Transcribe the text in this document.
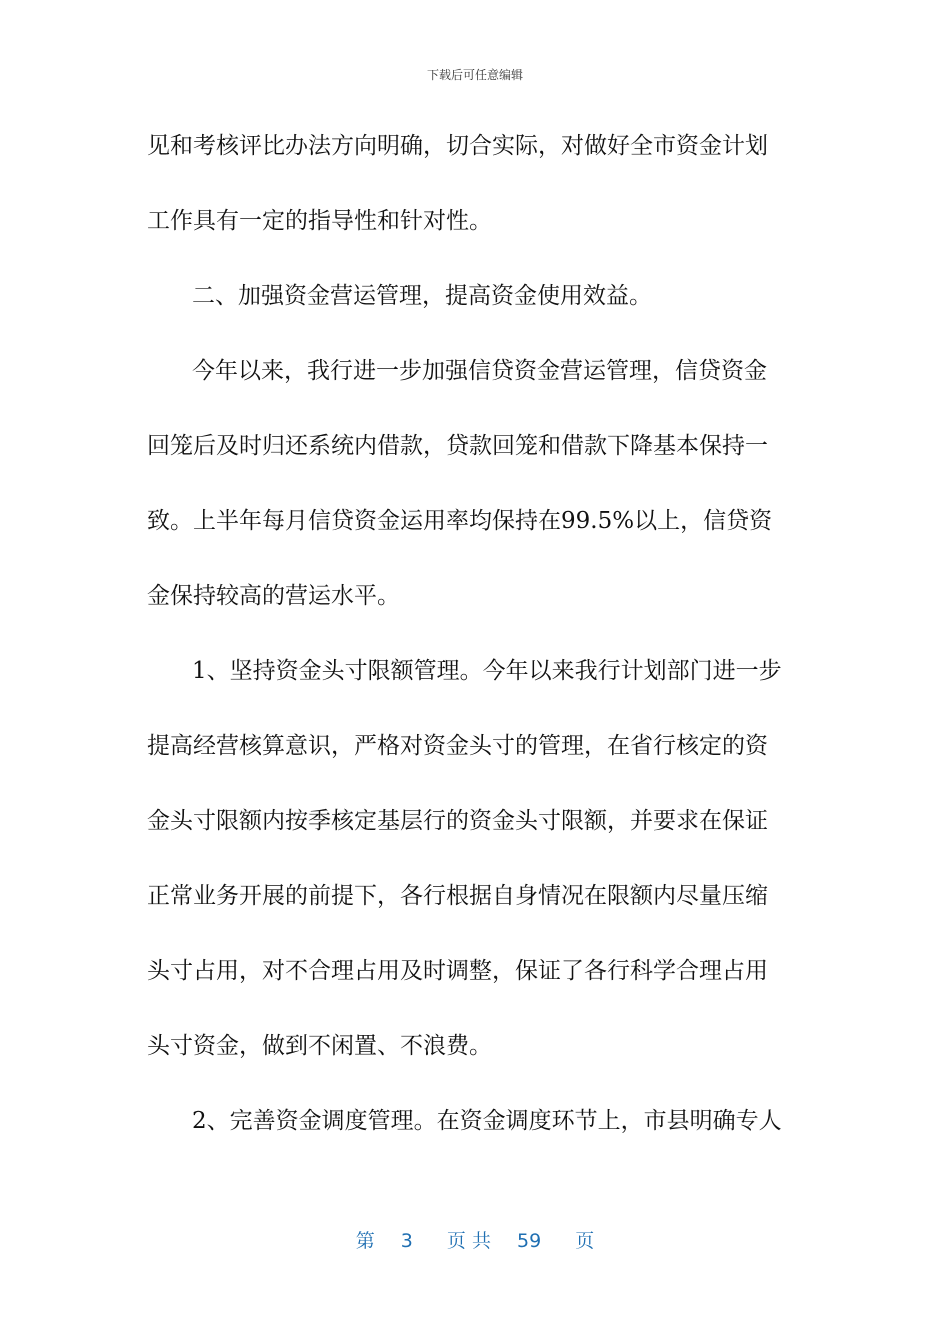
下载后可任意编辑
见和考核评比办法方向明确，切合实际，对做好全市资金计划
工作具有一定的指导性和针对性。
二、加强资金营运管理，提高资金使用效益。
今年以来，我行进一步加强信贷资金营运管理，信贷资金
回笼后及时归还系统内借款，贷款回笼和借款下降基本保持一
致。上半年每月信贷资金运用率均保持在99.5%以上，信贷资
金保持较高的营运水平。
1、坚持资金头寸限额管理。今年以来我行计划部门进一步
提高经营核算意识，严格对资金头寸的管理，在省行核定的资
金头寸限额内按季核定基层行的资金头寸限额，并要求在保证
正常业务开展的前提下，各行根据自身情况在限额内尽量压缩
头寸占用，对不合理占用及时调整，保证了各行科学合理占用
头寸资金，做到不闲置、不浪费。
2、完善资金调度管理。在资金调度环节上，市县明确专人
第 3 页 共 59 页
